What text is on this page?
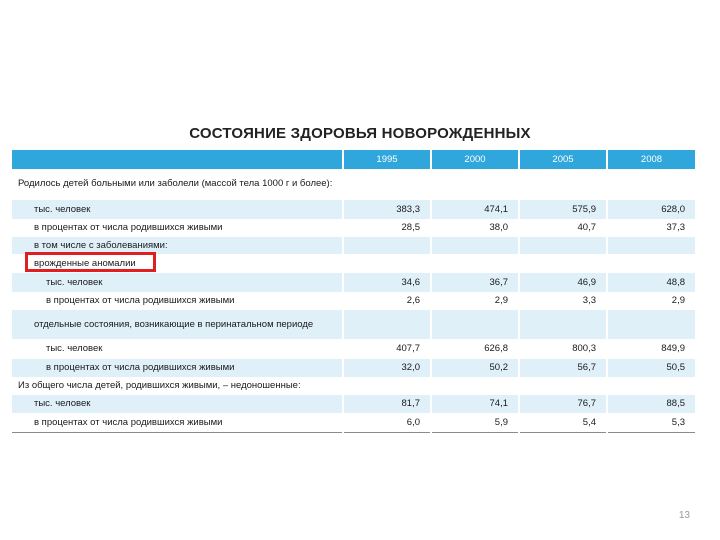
СОСТОЯНИЕ ЗДОРОВЬЯ НОВОРОЖДЕННЫХ
	1995	2000	2005	2008
Родилось детей больными или заболели (массой тела 1000 г и более):				
тыс. человек	383,3	474,1	575,9	628,0
в процентах от числа родившихся живыми	28,5	38,0	40,7	37,3
в том числе с заболеваниями:				
врожденные аномалии				
тыс. человек	34,6	36,7	46,9	48,8
в процентах от числа родившихся живыми	2,6	2,9	3,3	2,9
отдельные состояния, возникающие в перинатальном периоде				
тыс. человек	407,7	626,8	800,3	849,9
в процентах от числа родившихся живыми	32,0	50,2	56,7	50,5
Из общего числа детей, родившихся живыми, – недоношенные:				
тыс. человек	81,7	74,1	76,7	88,5
в процентах от числа родившихся живыми	6,0	5,9	5,4	5,3
13
